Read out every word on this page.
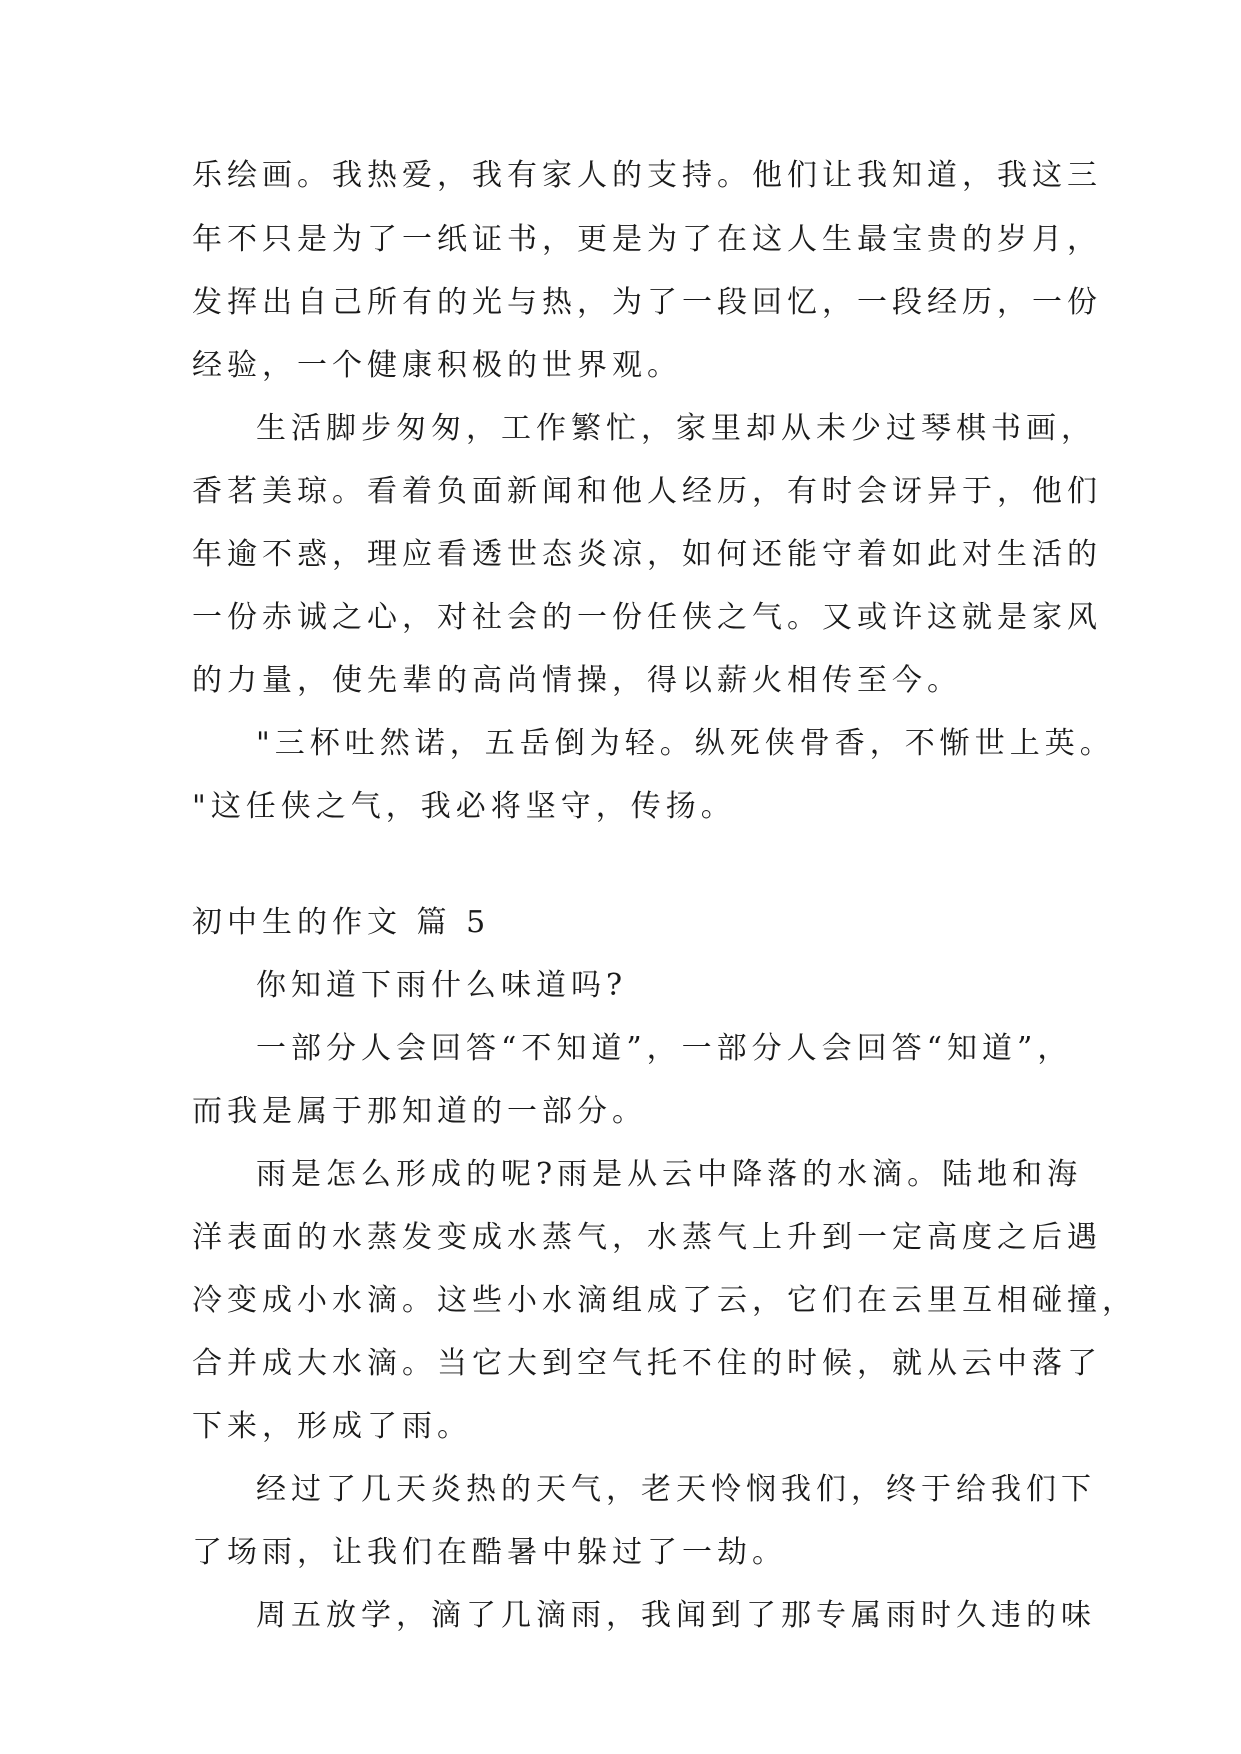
乐绘画。我热爱，我有家人的支持。他们让我知道，我这三
年不只是为了一纸证书，更是为了在这人生最宝贵的岁月，
发挥出自己所有的光与热，为了一段回忆，一段经历，一份
经验，一个健康积极的世界观。
生活脚步匆匆，工作繁忙，家里却从未少过琴棋书画，
香茗美琼。看着负面新闻和他人经历，有时会讶异于，他们
年逾不惑，理应看透世态炎凉，如何还能守着如此对生活的
一份赤诚之心，对社会的一份任侠之气。又或许这就是家风
的力量，使先辈的高尚情操，得以薪火相传至今。
"三杯吐然诺，五岳倒为轻。纵死侠骨香，不惭世上英。
"这任侠之气，我必将坚守，传扬。
初中生的作文 篇 5
你知道下雨什么味道吗?
一部分人会回答“不知道”，一部分人会回答“知道”，
而我是属于那知道的一部分。
雨是怎么形成的呢?雨是从云中降落的水滴。陆地和海
洋表面的水蒸发变成水蒸气，水蒸气上升到一定高度之后遇
冷变成小水滴。这些小水滴组成了云，它们在云里互相碰撞，
合并成大水滴。当它大到空气托不住的时候，就从云中落了
下来，形成了雨。
经过了几天炎热的天气，老天怜悯我们，终于给我们下
了场雨，让我们在酷暑中躲过了一劫。
周五放学，滴了几滴雨，我闻到了那专属雨时久违的味
